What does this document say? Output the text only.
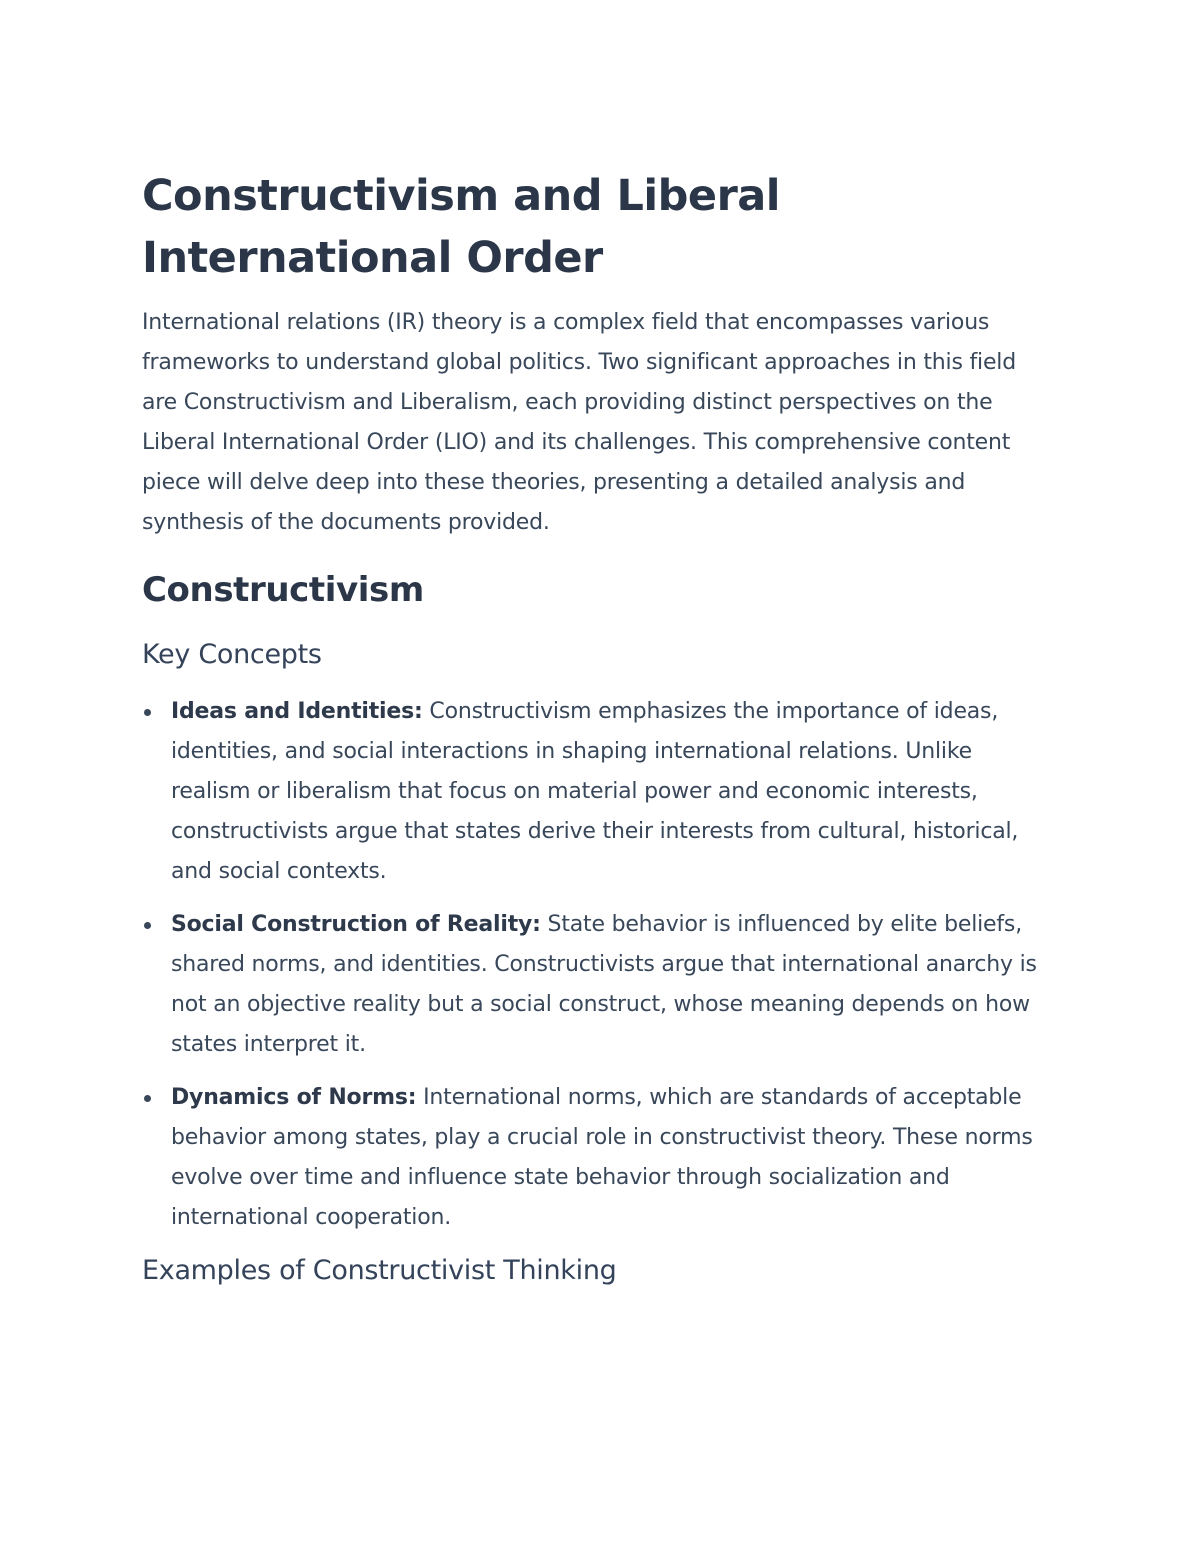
Constructivism and Liberal International Order

International relations (IR) theory is a complex field that encompasses various frameworks to understand global politics. Two significant approaches in this field are Constructivism and Liberalism, each providing distinct perspectives on the Liberal International Order (LIO) and its challenges. This comprehensive content piece will delve deep into these theories, presenting a detailed analysis and synthesis of the documents provided.

Constructivism
Key Concepts
Ideas and Identities: Constructivism emphasizes the importance of ideas, identities, and social interactions in shaping international relations. Unlike realism or liberalism that focus on material power and economic interests, constructivists argue that states derive their interests from cultural, historical, and social contexts.
Social Construction of Reality: State behavior is influenced by elite beliefs, shared norms, and identities. Constructivists argue that international anarchy is not an objective reality but a social construct, whose meaning depends on how states interpret it.
Dynamics of Norms: International norms, which are standards of acceptable behavior among states, play a crucial role in constructivist theory. These norms evolve over time and influence state behavior through socialization and international cooperation.
Examples of Constructivist Thinking
